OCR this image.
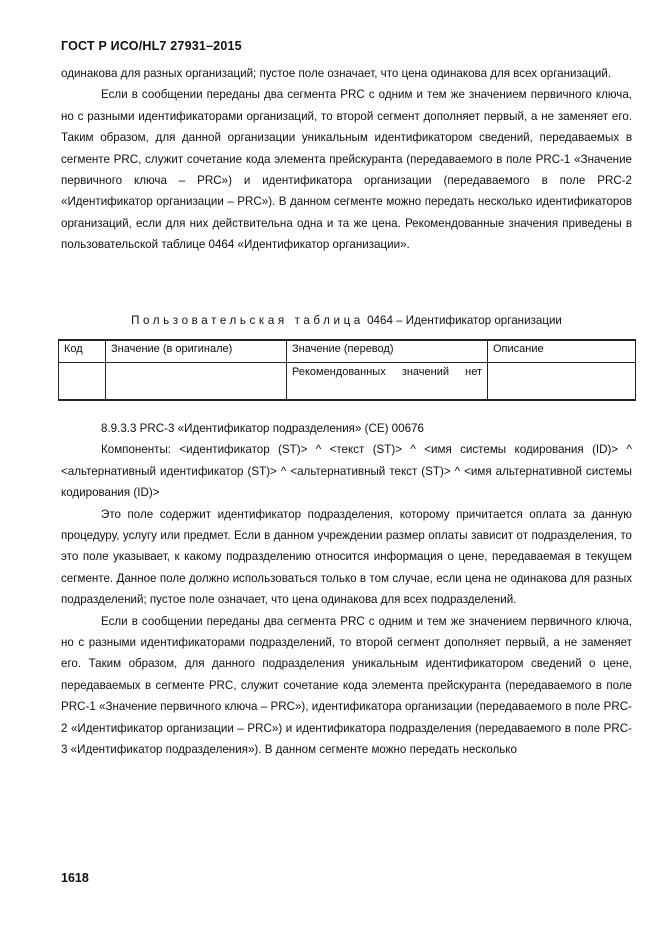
ГОСТ Р ИСО/HL7 27931–2015

одинакова для разных организаций; пустое поле означает, что цена одинакова для всех организаций.

Если в сообщении переданы два сегмента PRC с одним и тем же значением первичного ключа, но с разными идентификаторами организаций, то второй сегмент дополняет первый, а не заменяет его. Таким образом, для данной организации уникальным идентификатором сведений, передаваемых в сегменте PRC, служит сочетание кода элемента прейскуранта (передаваемого в поле PRC-1 «Значение первичного ключа – PRC») и идентификатора организации (передаваемого в поле PRC-2 «Идентификатор организации – PRC»). В данном сегменте можно передать несколько идентификаторов организаций, если для них действительна одна и та же цена. Рекомендованные значения приведены в пользовательской таблице 0464 «Идентификатор организации».

Пользовательская таблица 0464 – Идентификатор организации
Код	Значение (в оригинале)	Значение (перевод)	Описание
		Рекомендованных значений нет	

8.9.3.3 PRC-3 «Идентификатор подразделения» (CE) 00676

Компоненты: <идентификатор (ST)> ^ <текст (ST)> ^ <имя системы кодирования (ID)> ^ <альтернативный идентификатор (ST)> ^ <альтернативный текст (ST)> ^ <имя альтернативной системы кодирования (ID)>

Это поле содержит идентификатор подразделения, которому причитается оплата за данную процедуру, услугу или предмет. Если в данном учреждении размер оплаты зависит от подразделения, то это поле указывает, к какому подразделению относится информация о цене, передаваемая в текущем сегменте. Данное поле должно использоваться только в том случае, если цена не одинакова для разных подразделений; пустое поле означает, что цена одинакова для всех подразделений.

Если в сообщении переданы два сегмента PRC с одним и тем же значением первичного ключа, но с разными идентификаторами подразделений, то второй сегмент дополняет первый, а не заменяет его. Таким образом, для данного подразделения уникальным идентификатором сведений о цене, передаваемых в сегменте PRC, служит сочетание кода элемента прейскуранта (передаваемого в поле PRC-1 «Значение первичного ключа – PRC»), идентификатора организации (передаваемого в поле PRC-2 «Идентификатор организации – PRC») и идентификатора подразделения (передаваемого в поле PRC-3 «Идентификатор подразделения»). В данном сегменте можно передать несколько

1618
